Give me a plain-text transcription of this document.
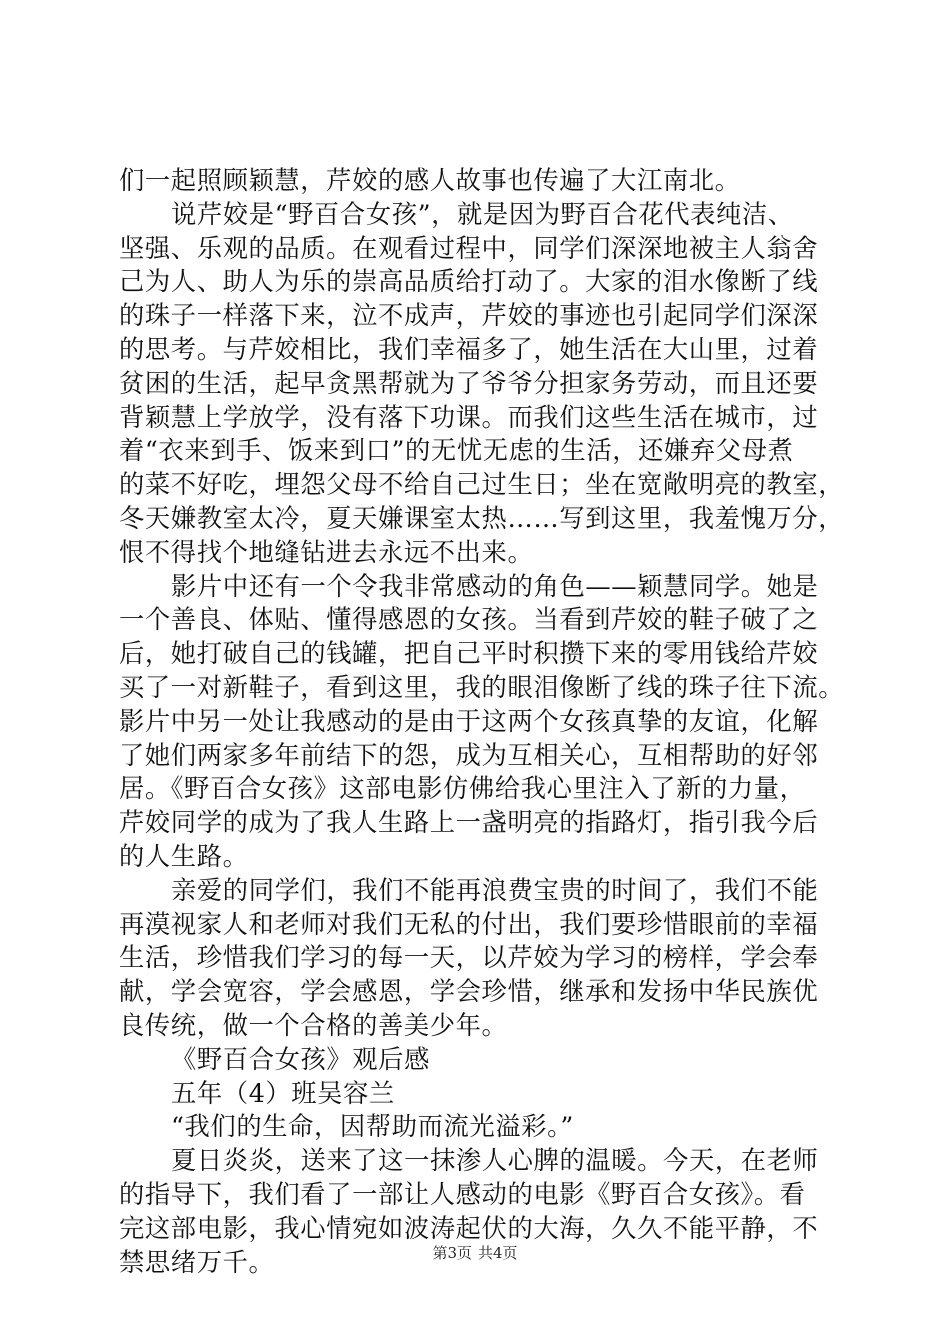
们一起照顾颖慧，芹姣的感人故事也传遍了大江南北。
说芹姣是“野百合女孩”，就是因为野百合花代表纯洁、
坚强、乐观的品质。在观看过程中，同学们深深地被主人翁舍
己为人、助人为乐的崇高品质给打动了。大家的泪水像断了线
的珠子一样落下来，泣不成声，芹姣的事迹也引起同学们深深
的思考。与芹姣相比，我们幸福多了，她生活在大山里，过着
贫困的生活，起早贪黑帮就为了爷爷分担家务劳动，而且还要
背颖慧上学放学，没有落下功课。而我们这些生活在城市，过
着“衣来到手、饭来到口”的无忧无虑的生活，还嫌弃父母煮
的菜不好吃，埋怨父母不给自己过生日；坐在宽敞明亮的教室，
冬天嫌教室太冷，夏天嫌课室太热……写到这里，我羞愧万分，
恨不得找个地缝钻进去永远不出来。
影片中还有一个令我非常感动的角色——颖慧同学。她是
一个善良、体贴、懂得感恩的女孩。当看到芹姣的鞋子破了之
后，她打破自己的钱罐，把自己平时积攒下来的零用钱给芹姣
买了一对新鞋子，看到这里，我的眼泪像断了线的珠子往下流。
影片中另一处让我感动的是由于这两个女孩真挚的友谊，化解
了她们两家多年前结下的怨，成为互相关心，互相帮助的好邻
居。《野百合女孩》这部电影仿佛给我心里注入了新的力量，
芹姣同学的成为了我人生路上一盏明亮的指路灯，指引我今后
的人生路。
亲爱的同学们，我们不能再浪费宝贵的时间了，我们不能
再漠视家人和老师对我们无私的付出，我们要珍惜眼前的幸福
生活，珍惜我们学习的每一天，以芹姣为学习的榜样，学会奉
献，学会宽容，学会感恩，学会珍惜，继承和发扬中华民族优
良传统，做一个合格的善美少年。
《野百合女孩》观后感
五年（4）班吴容兰
“我们的生命，因帮助而流光溢彩。”
夏日炎炎，送来了这一抹渗人心脾的温暖。今天，在老师
的指导下，我们看了一部让人感动的电影《野百合女孩》。看
完这部电影，我心情宛如波涛起伏的大海，久久不能平静，不
禁思绪万千。	第3页 共4页
